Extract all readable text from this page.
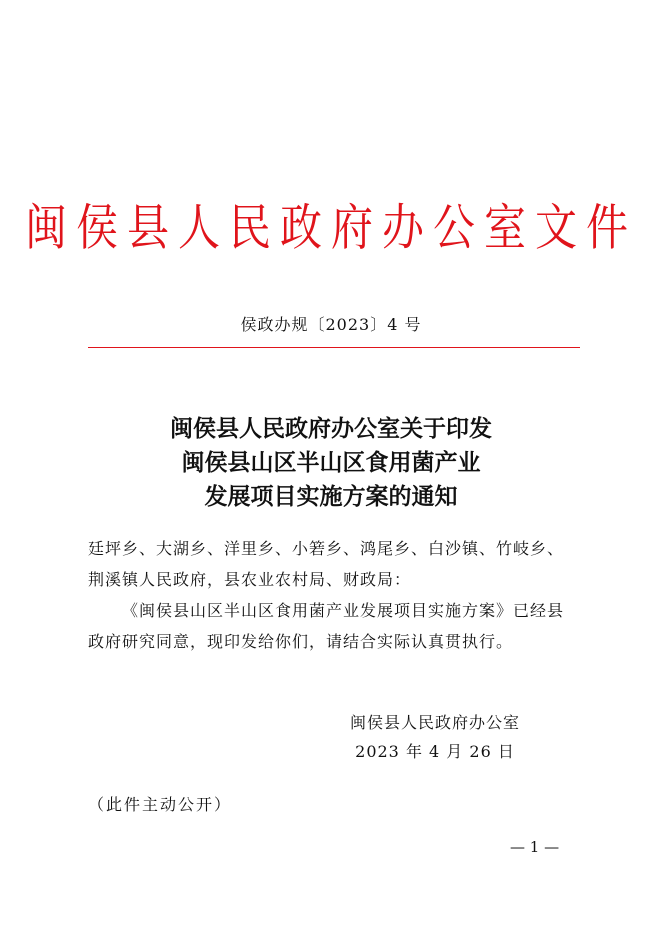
闽侯县人民政府办公室文件
侯政办规〔2023〕4 号
闽侯县人民政府办公室关于印发
闽侯县山区半山区食用菌产业
发展项目实施方案的通知

廷坪乡、大湖乡、洋里乡、小箬乡、鸿尾乡、白沙镇、竹岐乡、

荆溪镇人民政府，县农业农村局、财政局：

《闽侯县山区半山区食用菌产业发展项目实施方案》已经县政府研究同意，现印发给你们，请结合实际认真贯执行。

闽侯县人民政府办公室
2023 年 4 月 26 日
（此件主动公开）
— 1 —
